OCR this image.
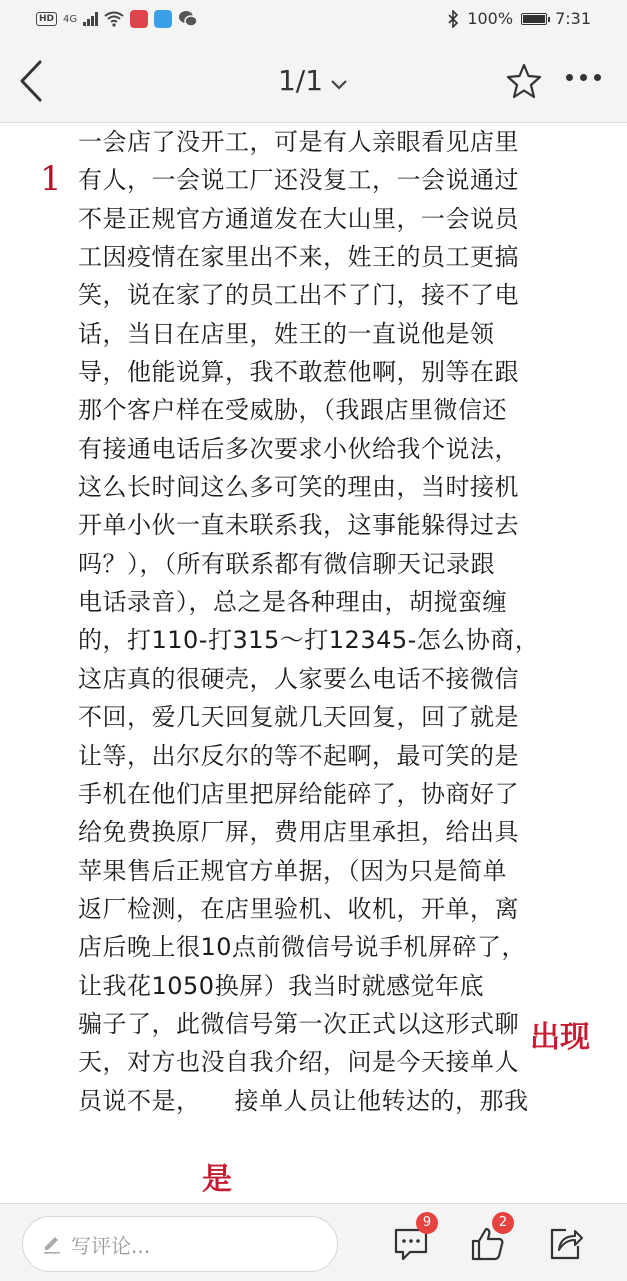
HD 4G	100%	7:31
1/1
1
一会店了没开工，可是有人亲眼看见店里
有人，一会说工厂还没复工，一会说通过
不是正规官方通道发在大山里，一会说员
工因疫情在家里出不来，姓王的员工更搞
笑，说在家了的员工出不了门，接不了电
话，当日在店里，姓王的一直说他是领
导，他能说算，我不敢惹他啊，别等在跟
那个客户样在受威胁，（我跟店里微信还
有接通电话后多次要求小伙给我个说法，
这么长时间这么多可笑的理由，当时接机
开单小伙一直未联系我，这事能躲得过去
吗？），（所有联系都有微信聊天记录跟
电话录音），总之是各种理由，胡搅蛮缠
的，打110-打315～打12345-怎么协商，
这店真的很硬壳，人家要么电话不接微信
不回，爱几天回复就几天回复，回了就是
让等，出尔反尔的等不起啊，最可笑的是
手机在他们店里把屏给能碎了，协商好了
给免费换原厂屏，费用店里承担，给出具
苹果售后正规官方单据，（因为只是简单
返厂检测，在店里验机、收机，开单，离
店后晚上很10点前微信号说手机屏碎了，
让我花1050换屏）我当时就感觉年底
骗子了，此微信号第一次正式以这形式聊
天，对方也没自我介绍，问是今天接单人
员说不是， 接单人员让他转达的，那我
出现
是
写评论...
9	2
